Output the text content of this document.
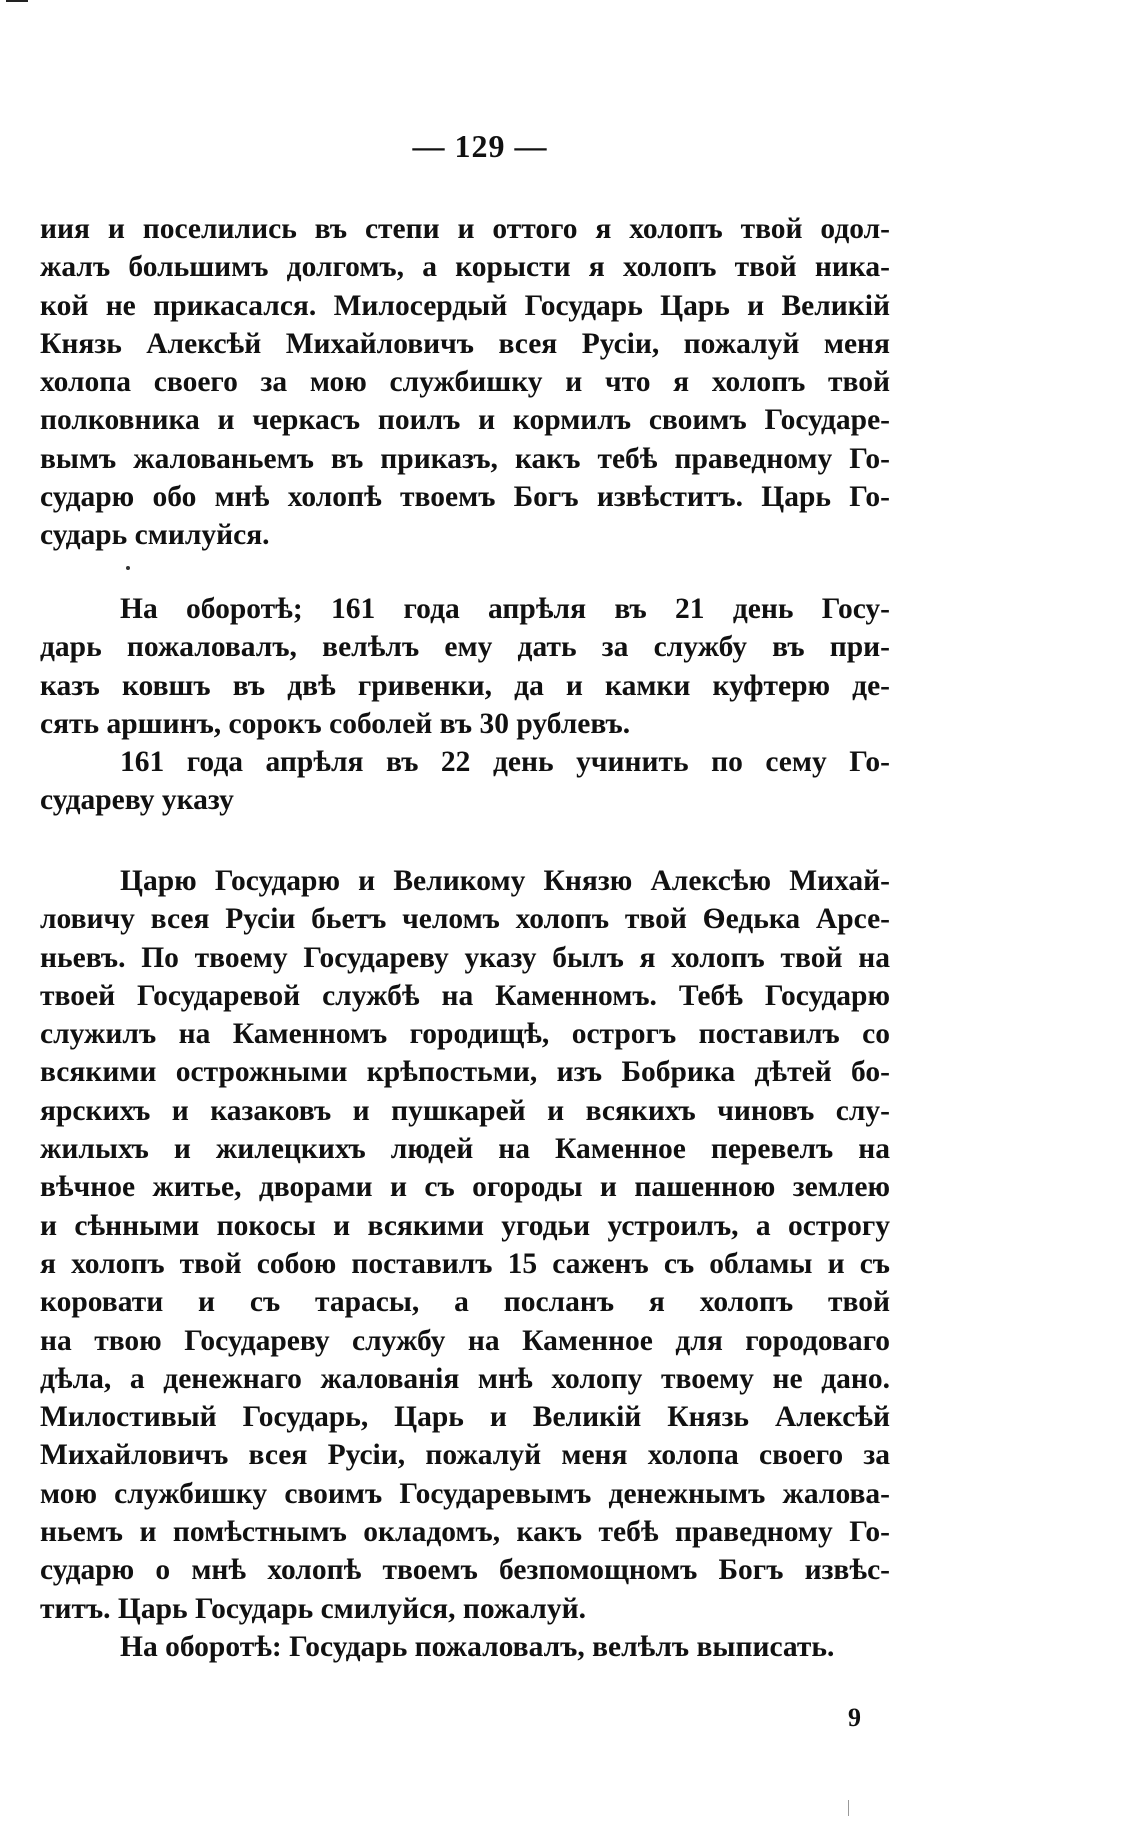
— 129 —
иия и поселились въ степи и оттого я холопъ твой одол-
жалъ большимъ долгомъ, а корысти я холопъ твой ника-
кой не прикасался. Милосердый Государь Царь и Великій
Князь Алексѣй Михайловичъ всея Русіи, пожалуй меня
холопа своего за мою службишку и что я холопъ твой
полковника и черкасъ поилъ и кормилъ своимъ Государе-
вымъ жалованьемъ въ приказъ, какъ тебѣ праведному Го-
сударю обо мнѣ холопѣ твоемъ Богъ извѣститъ. Царь Го-
сударь смилуйся.
На оборотѣ; 161 года апрѣля въ 21 день Госу-
дарь пожаловалъ, велѣлъ ему дать за службу въ при-
казъ ковшъ въ двѣ гривенки, да и камки куфтерю де-
сять аршинъ, сорокъ соболей въ 30 рублевъ.
161 года апрѣля въ 22 день учинить по сему Го-
судареву указу
Царю Государю и Великому Князю Алексѣю Михай-
ловичу всея Русіи бьетъ челомъ холопъ твой Ѳедька Арсе-
ньевъ. По твоему Государеву указу былъ я холопъ твой на
твоей Государевой службѣ на Каменномъ. Тебѣ Государю
служилъ на Каменномъ городищѣ, острогъ поставилъ со
всякими острожными крѣпостьми, изъ Бобрика дѣтей бо-
ярскихъ и казаковъ и пушкарей и всякихъ чиновъ слу-
жилыхъ и жилецкихъ людей на Каменное перевелъ на
вѣчное житье, дворами и съ огороды и пашенною землею
и сѣнными покосы и всякими угодьи устроилъ, а острогу
я холопъ твой собою поставилъ 15 саженъ съ обламы и съ
коровати и съ тарасы, а посланъ я холопъ твой
на твою Государеву службу на Каменное для городоваго
дѣла, а денежнаго жалованія мнѣ холопу твоему не дано.
Милостивый Государь, Царь и Великій Князь Алексѣй
Михайловичъ всея Русіи, пожалуй меня холопа своего за
мою службишку своимъ Государевымъ денежнымъ жалова-
ньемъ и помѣстнымъ окладомъ, какъ тебѣ праведному Го-
сударю о мнѣ холопѣ твоемъ безпомощномъ Богъ извѣс-
титъ. Царь Государь смилуйся, пожалуй.
На оборотѣ: Государь пожаловалъ, велѣлъ выписать.
9
